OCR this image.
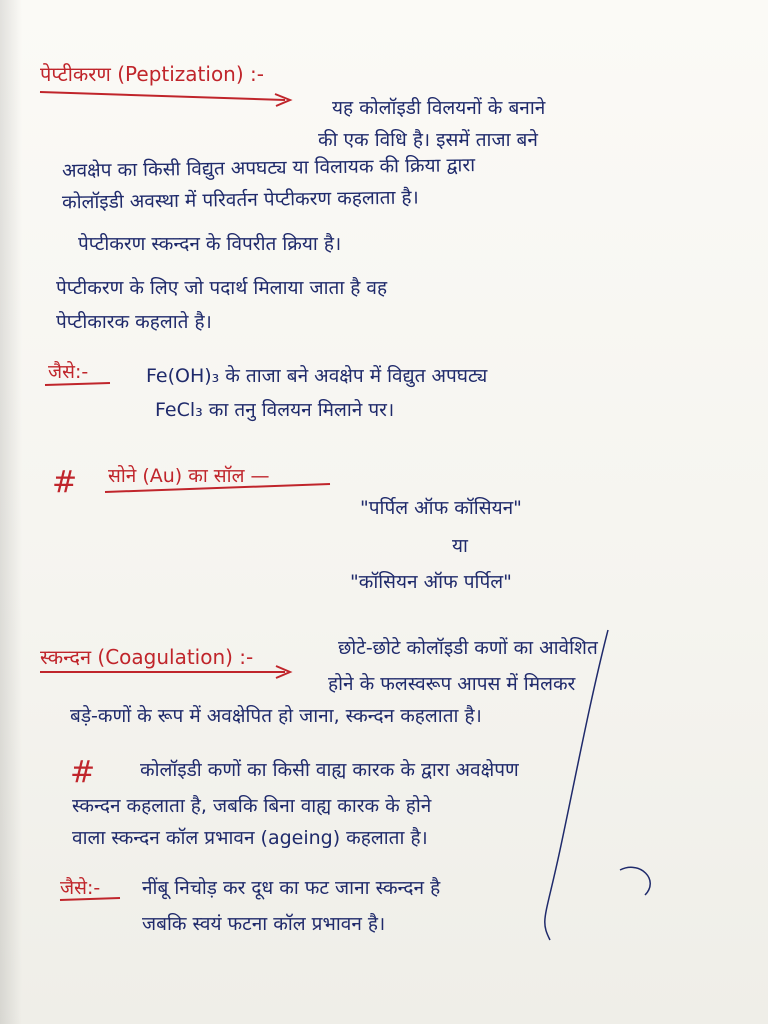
पेप्टीकरण (Peptization) :-
यह कोलॉइडी विलयनों के बनाने
की एक विधि है। इसमें ताजा बने
अवक्षेप का किसी विद्युत अपघट्य या विलायक की क्रिया द्वारा
कोलॉइडी अवस्था में परिवर्तन पेप्टीकरण कहलाता है।
पेप्टीकरण स्कन्दन के विपरीत क्रिया है।
पेप्टीकरण के लिए जो पदार्थ मिलाया जाता है वह
पेप्टीकारक कहलाते है।
जैसे:-	Fe(OH)₃ के ताजा बने अवक्षेप में विद्युत अपघट्य
FeCl₃ का तनु विलयन मिलाने पर।
# सोने (Au) का सॉल —
"पर्पिल ऑफ कॉसियन"
या
"कॉसियन ऑफ पर्पिल"
स्कन्दन (Coagulation) :-	छोटे-छोटे कोलॉइडी कणों का आवेशित
होने के फलस्वरूप आपस में मिलकर
बड़े-कणों के रूप में अवक्षेपित हो जाना, स्कन्दन कहलाता है।
# कोलॉइडी कणों का किसी वाह्य कारक के द्वारा अवक्षेपण
स्कन्दन कहलाता है, जबकि बिना वाह्य कारक के होने
वाला स्कन्दन कॉल प्रभावन (ageing) कहलाता है।
जैसे:- नींबू निचोड़ कर दूध का फट जाना स्कन्दन है
जबकि स्वयं फटना कॉल प्रभावन है।
